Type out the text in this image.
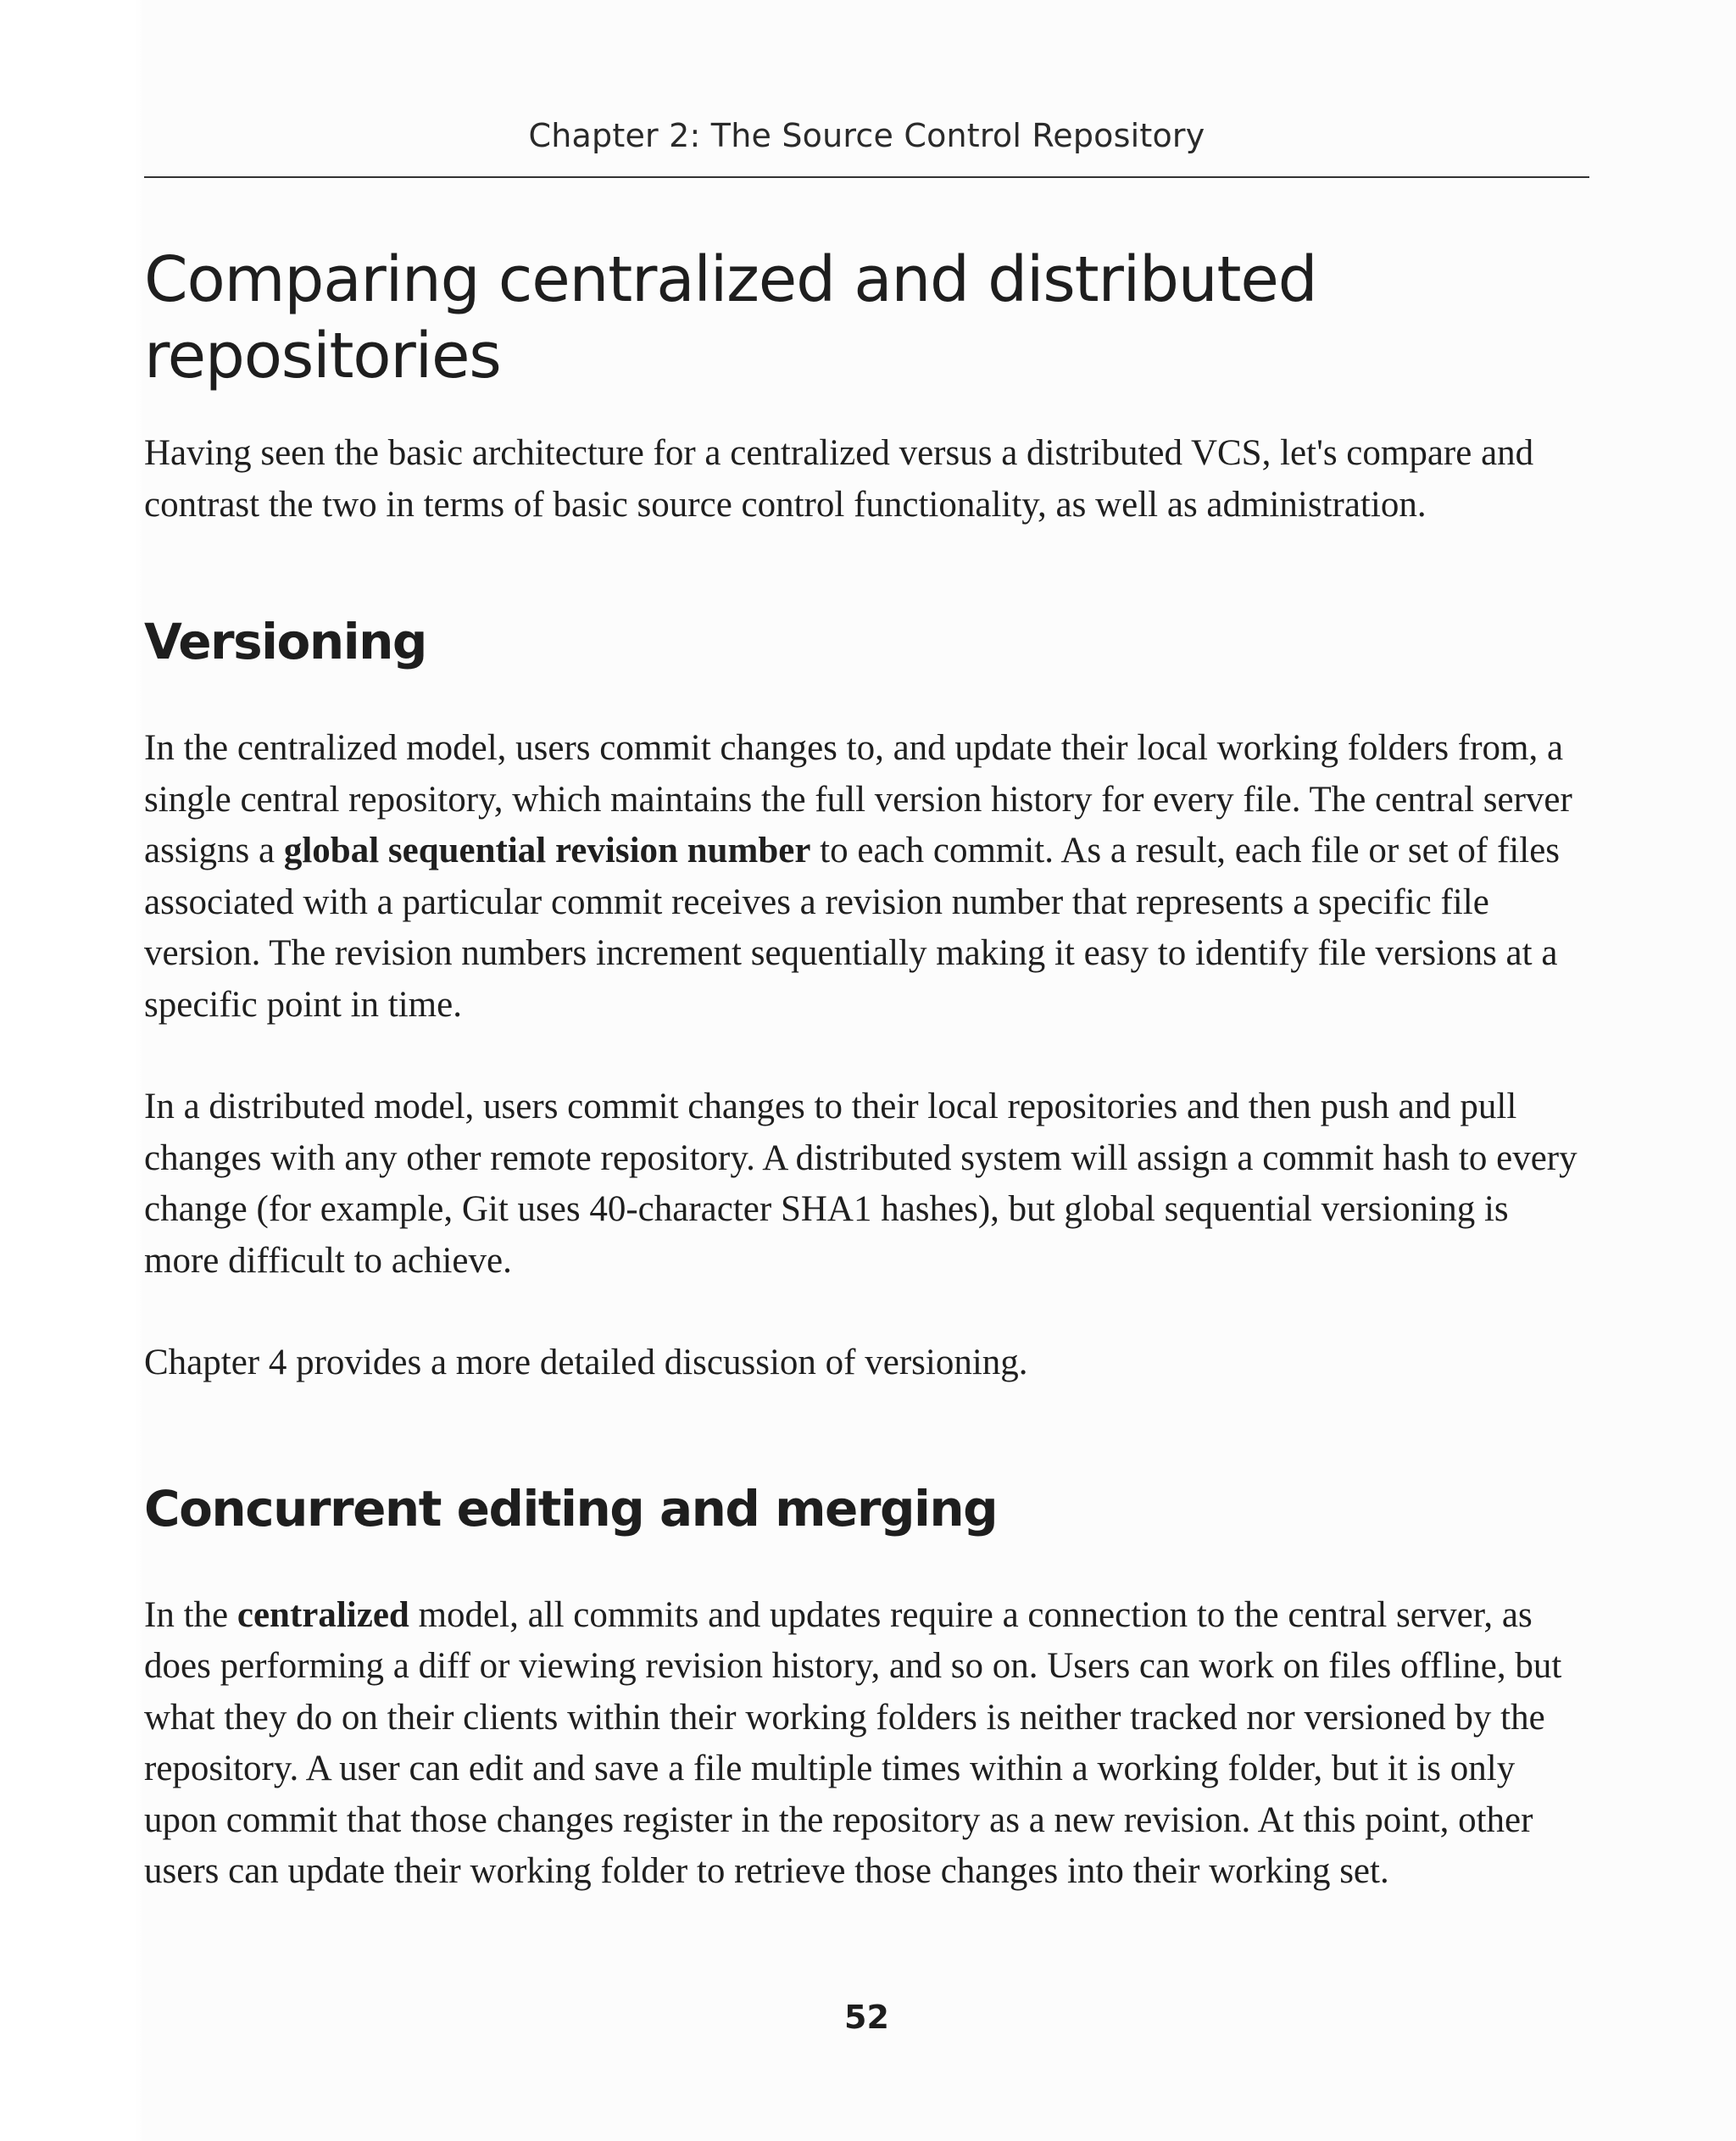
Chapter 2: The Source Control Repository
Comparing centralized and distributed repositories

Having seen the basic architecture for a centralized versus a distributed VCS, let's compare and contrast the two in terms of basic source control functionality, as well as administration.

Versioning

In the centralized model, users commit changes to, and update their local working folders from, a single central repository, which maintains the full version history for every file. The central server assigns a global sequential revision number to each commit. As a result, each file or set of files associated with a particular commit receives a revision number that represents a specific file version. The revision numbers increment sequentially making it easy to identify file versions at a specific point in time.

In a distributed model, users commit changes to their local repositories and then push and pull changes with any other remote repository. A distributed system will assign a commit hash to every change (for example, Git uses 40-character SHA1 hashes), but global sequential versioning is more difficult to achieve.

Chapter 4 provides a more detailed discussion of versioning.

Concurrent editing and merging

In the centralized model, all commits and updates require a connection to the central server, as does performing a diff or viewing revision history, and so on. Users can work on files offline, but what they do on their clients within their working folders is neither tracked nor versioned by the repository. A user can edit and save a file multiple times within a working folder, but it is only upon commit that those changes register in the repository as a new revision. At this point, other users can update their working folder to retrieve those changes into their working set.

52
